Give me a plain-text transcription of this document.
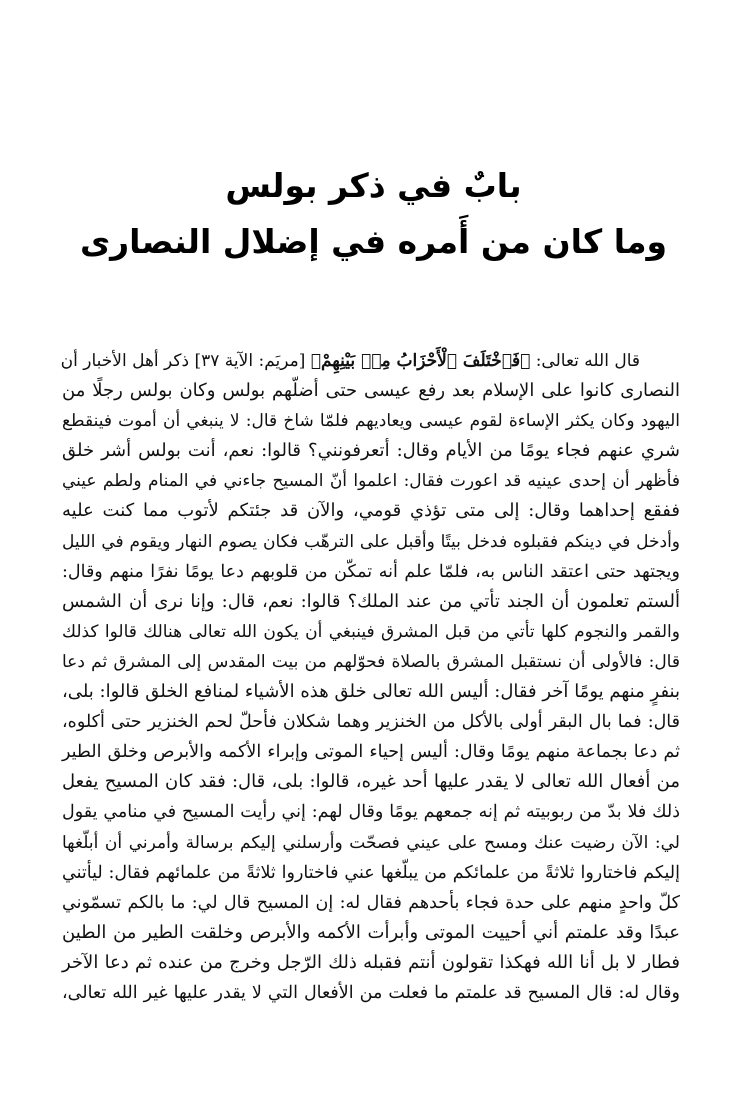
بابٌ في ذكر بولس
وما كان من أَمره في إضلال النصارى
قال الله تعالى: ﴿فَٱخْتَلَفَ ٱلْأَحْزَابُ مِنۢ بَيْنِهِمْ﴾ [مريَم: الآية ٣٧] ذكر أهل الأخبار أن
النصارى كانوا على الإسلام بعد رفع عيسى حتى أضلّهم بولس وكان بولس رجلًا من
اليهود وكان يكثر الإساءة لقوم عيسى ويعاديهم فلمّا شاخ قال: لا ينبغي أن أموت فينقطع
شري عنهم فجاء يومًا من الأيام وقال: أتعرفونني؟ قالوا: نعم، أنت بولس أشر خلق
فأظهر أن إحدى عينيه قد اعورت فقال: اعلموا أنّ المسيح جاءني في المنام ولطم عيني
ففقع إحداهما وقال: إلى متى تؤذي قومي، والآن قد جئتكم لأتوب مما كنت عليه
وأدخل في دينكم فقبلوه فدخل بيتًا وأقبل على الترهّب فكان يصوم النهار ويقوم في الليل
ويجتهد حتى اعتقد الناس به، فلمّا علم أنه تمكّن من قلوبهم دعا يومًا نفرًا منهم وقال:
ألستم تعلمون أن الجند تأتي من عند الملك؟ قالوا: نعم، قال: وإنا نرى أن الشمس
والقمر والنجوم كلها تأتي من قبل المشرق فينبغي أن يكون الله تعالى هنالك قالوا كذلك
قال: فالأولى أن نستقبل المشرق بالصلاة فحوّلهم من بيت المقدس إلى المشرق ثم دعا
بنفرٍ منهم يومًا آخر فقال: أليس الله تعالى خلق هذه الأشياء لمنافع الخلق قالوا: بلى،
قال: فما بال البقر أولى بالأكل من الخنزير وهما شكلان فأحلّ لحم الخنزير حتى أكلوه،
ثم دعا بجماعة منهم يومًا وقال: أليس إحياء الموتى وإبراء الأكمه والأبرص وخلق الطير
من أفعال الله تعالى لا يقدر عليها أحد غيره، قالوا: بلى، قال: فقد كان المسيح يفعل
ذلك فلا بدّ من ربوبيته ثم إنه جمعهم يومًا وقال لهم: إني رأيت المسيح في منامي يقول
لي: الآن رضيت عنك ومسح على عيني فصحّت وأرسلني إليكم برسالة وأمرني أن أبلّغها
إليكم فاختاروا ثلاثةً من علمائكم من يبلّغها عني فاختاروا ثلاثةً من علمائهم فقال: ليأتني
كلّ واحدٍ منهم على حدة فجاء بأحدهم فقال له: إن المسيح قال لي: ما بالكم تسمّوني
عبدًا وقد علمتم أني أحييت الموتى وأبرأت الأكمه والأبرص وخلقت الطير من الطين
فطار لا بل أنا الله فهكذا تقولون أنتم فقبله ذلك الرّجل وخرج من عنده ثم دعا الآخر
وقال له: قال المسيح قد علمتم ما فعلت من الأفعال التي لا يقدر عليها غير الله تعالى،
